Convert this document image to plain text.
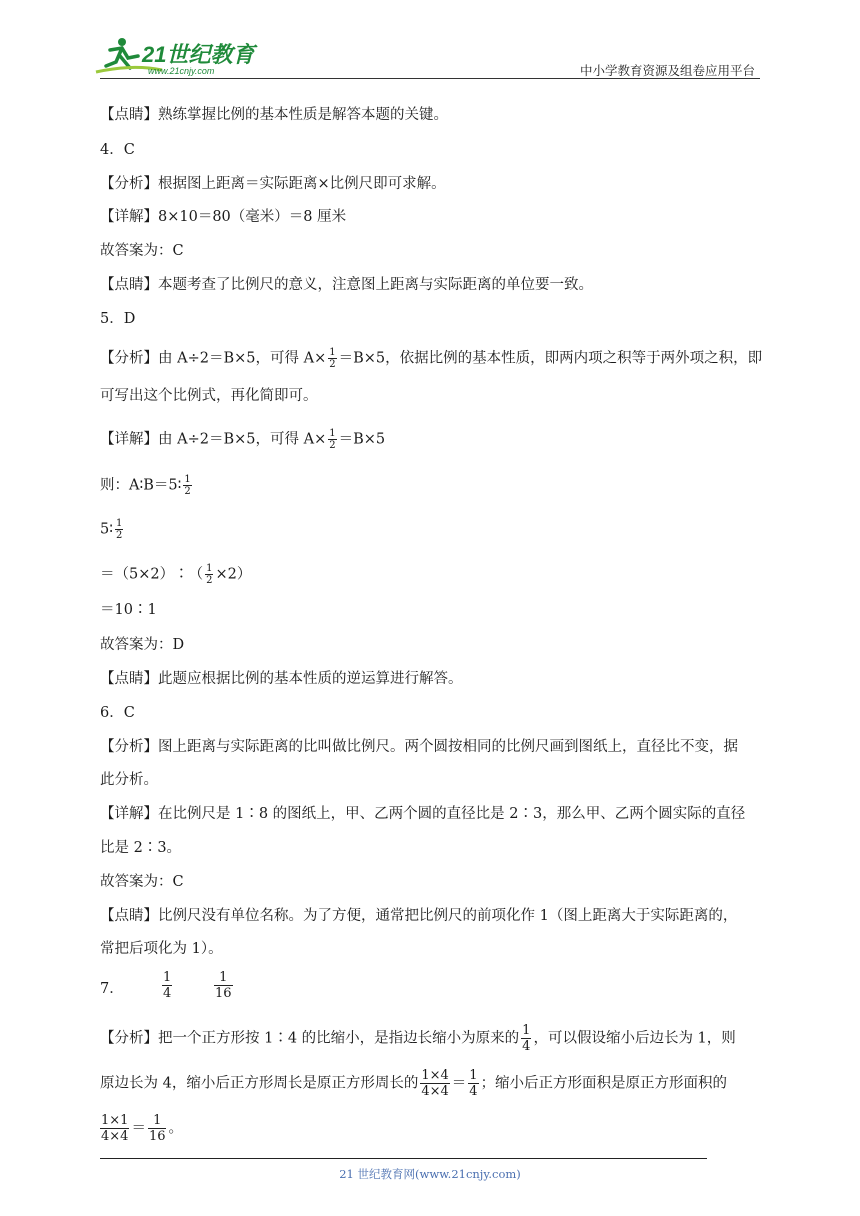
21世纪教育
www.21cnjy.com	中小学教育资源及组卷应用平台
【点睛】熟练掌握比例的基本性质是解答本题的关键。
4．C
【分析】根据图上距离＝实际距离×比例尺即可求解。
【详解】8×10＝80（毫米）＝8 厘米
故答案为：C
【点睛】本题考查了比例尺的意义，注意图上距离与实际距离的单位要一致。
5．D
【分析】由 A÷2＝B×5，可得 $A\times \frac{1}{2} =B\times 5$，依据比例的基本性质，即两内项之积等于两外项之积，即
可写出这个比例式，再化简即可。
【详解】由 A÷2＝B×5，可得 $A\times \frac{1}{2} =B\times 5$
则：A∶B＝5∶ $\frac{1}{2}$
5∶ $\frac{1}{2}$
＝（5×2）∶（ $\frac{1}{2} \times 2$）
＝10∶1
故答案为：D
【点睛】此题应根据比例的基本性质的逆运算进行解答。
6．C
【分析】图上距离与实际距离的比叫做比例尺。两个圆按相同的比例尺画到图纸上，直径比不变，据
此分析。
【详解】在比例尺是 1∶8 的图纸上，甲、乙两个圆的直径比是 2∶3，那么甲、乙两个圆实际的直径
比是 2∶3。
故答案为：C
【点睛】比例尺没有单位名称。为了方便，通常把比例尺的前项化作 1（图上距离大于实际距离的，
常把后项化为 1）。
7．	$\frac{1}{4}$	$\frac{1}{16}$
【分析】把一个正方形按 1∶4 的比缩小，是指边长缩小为原来的 $\frac{1}{4}$ ，可以假设缩小后边长为 1，则
原边长为 4，缩小后正方形周长是原正方形周长的 $\frac{1\times 4}{4\times 4} = \frac{1}{4}$ ；缩小后正方形面积是原正方形面积的
$\frac{1\times 1}{4\times 4} = \frac{1}{16}$ 。
21 世纪教育网(www.21cnjy.com)
